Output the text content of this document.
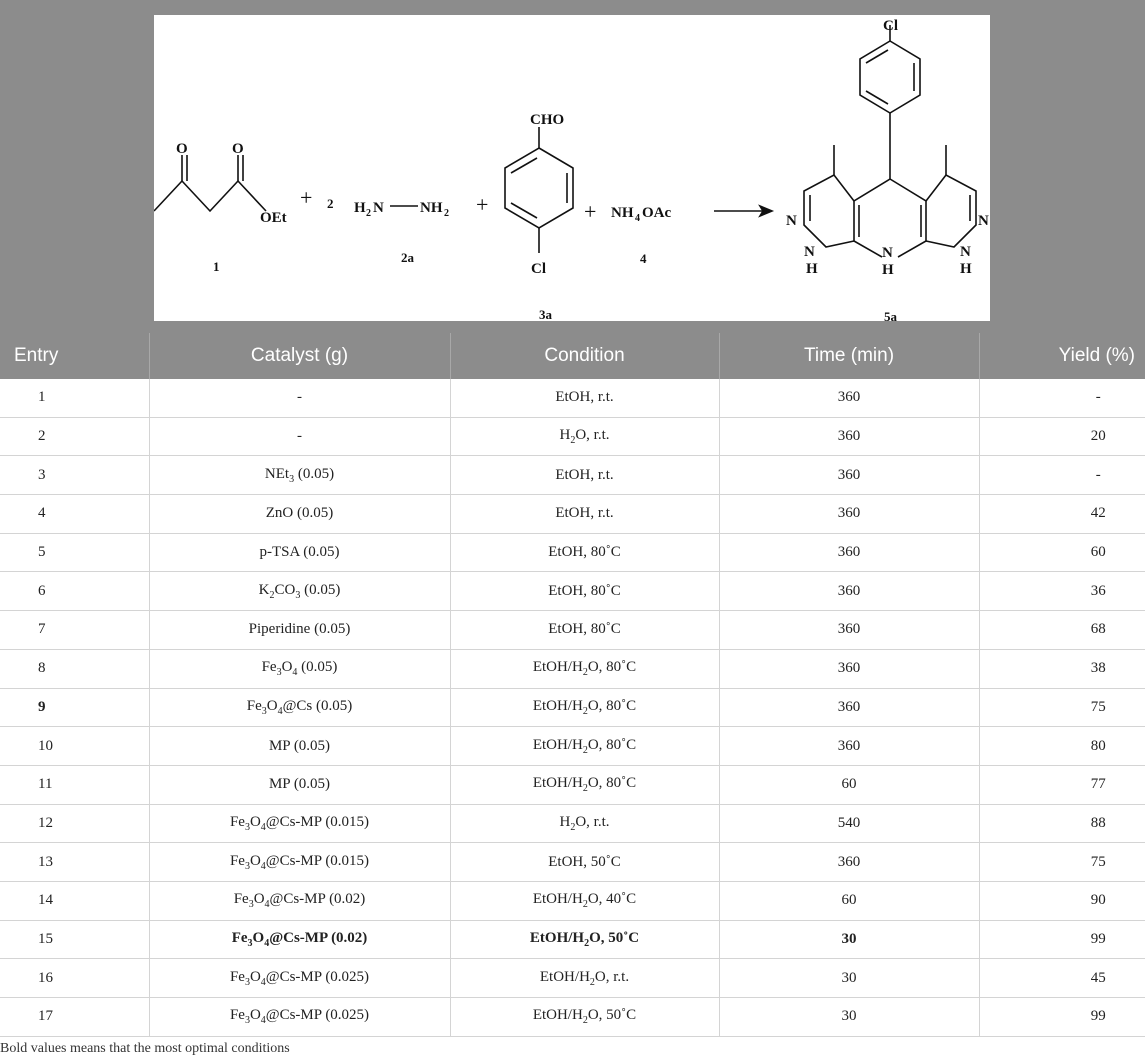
O	O
OEt
+ 2
1
H 2 N NH 2
2a
+
CHO
Cl
3a
+ NH 4 OAc
4
Cl
N
N
H
N
H
N
H
N
5a
Entry	Catalyst (g)	Condition	Time (min)	Yield (%)
1	-	EtOH, r.t.	360	-
2	-	$H_2O$, r.t.	360	20
3	NEt$_3$ (0.05)	EtOH, r.t.	360	-
4	ZnO (0.05)	EtOH, r.t.	360	42
5	p-TSA (0.05)	EtOH, 80˚C	360	60
6	$K_2CO_3$ (0.05)	EtOH, 80˚C	360	36
7	Piperidine (0.05)	EtOH, 80˚C	360	68
8	$Fe_3O_4$ (0.05)	EtOH/$H_2O$, 80˚C	360	38
9	$Fe_3O_4@Cs$ (0.05)	EtOH/$H_2O$, 80˚C	360	75
10	MP (0.05)	EtOH/$H_2O$, 80˚C	360	80
11	MP (0.05)	EtOH/$H_2O$, 80˚C	60	77
12	$Fe_3O_4@Cs-MP$ (0.015)	$H_2O$, r.t.	540	88
13	$Fe_3O_4@Cs-MP$ (0.015)	EtOH, 50˚C	360	75
14	$Fe_3O_4@Cs-MP$ (0.02)	EtOH/$H_2O$, 40˚C	60	90
15	$Fe_3O_4@Cs-MP$ (0.02)	EtOH/$H_2O$, 50˚C	30	99
16	$Fe_3O_4@Cs-MP$ (0.025)	EtOH/$H_2O$, r.t.	30	45
17	$Fe_3O_4@Cs-MP$ (0.025)	EtOH/$H_2O$, 50˚C	30	99
Bold values means that the most optimal conditions
